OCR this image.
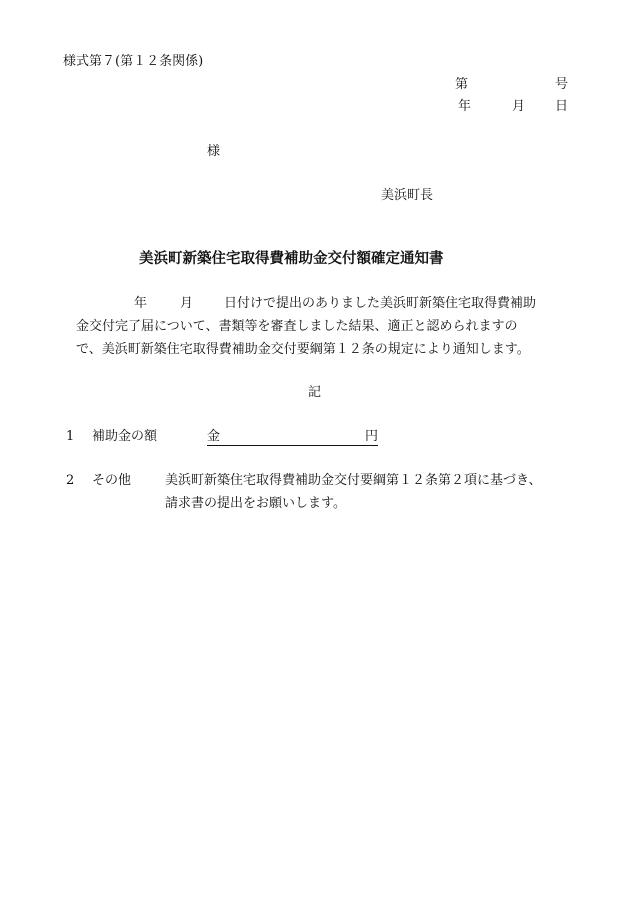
様式第７(第１２条関係)
第	号
年	月 日
様
美浜町長
美浜町新築住宅取得費補助金交付額確定通知書
年	月 日付けで提出のありました美浜町新築住宅取得費補助
金交付完了届について、書類等を審査しました結果、適正と認められますの
で、美浜町新築住宅取得費補助金交付要綱第１２条の規定により通知します。
記
1 補助金の額	金	円
2 その他	美浜町新築住宅取得費補助金交付要綱第１２条第２項に基づき、
請求書の提出をお願いします。
